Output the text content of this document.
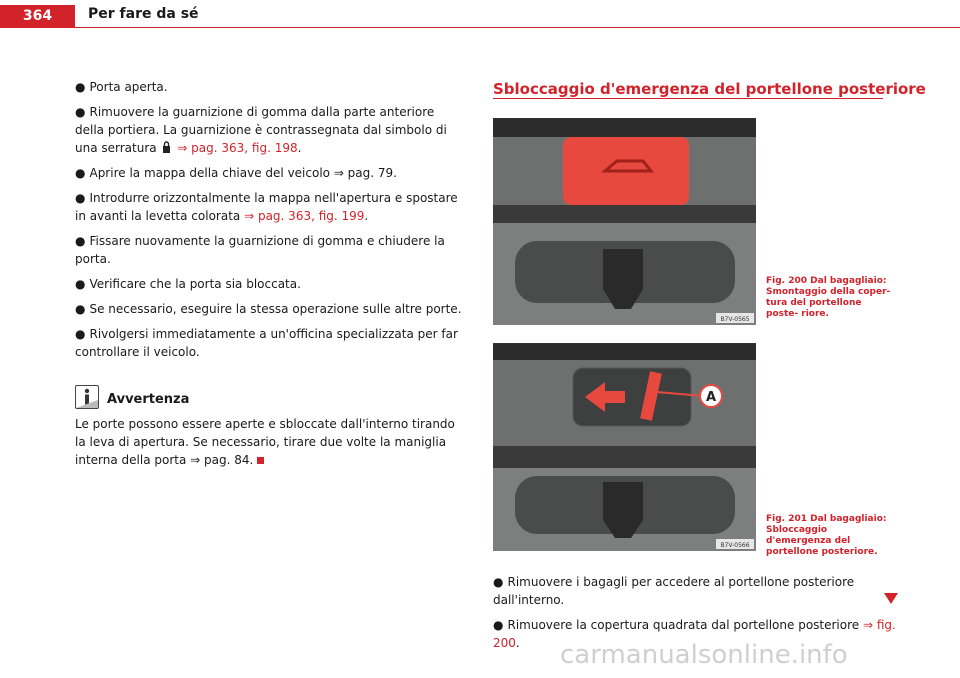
364	Per fare da sé

● Porta aperta.

● Rimuovere la guarnizione di gomma dalla parte anteriore della portiera. La guarnizione è contrassegnata dal simbolo di una serratura ⇒ pag. 363, fig. 198.

● Aprire la mappa della chiave del veicolo ⇒ pag. 79.

● Introdurre orizzontalmente la mappa nell'apertura e spostare in avanti la levetta colorata ⇒ pag. 363, fig. 199.

● Fissare nuovamente la guarnizione di gomma e chiudere la porta.

● Verificare che la porta sia bloccata.

● Se necessario, eseguire la stessa operazione sulle altre porte.

● Rivolgersi immediatamente a un'officina specializzata per far controllare il veicolo.

Avvertenza
Le porte possono essere aperte e sbloccate dall'interno tirando la leva di apertura. Se necessario, tirare due volte la maniglia interna della porta ⇒ pag. 84.
Sbloccaggio d'emergenza del portellone posteriore
B7V-0565
Fig. 200 Dal bagagliaio: Smontaggio della coper- tura del portellone poste- riore.
A
B7V-0566
Fig. 201 Dal bagagliaio: Sbloccaggio d'emergenza del portellone posteriore.

● Rimuovere i bagagli per accedere al portellone posteriore dall'interno.

● Rimuovere la copertura quadrata dal portellone posteriore ⇒ fig. 200.	carmanualsonline.info
